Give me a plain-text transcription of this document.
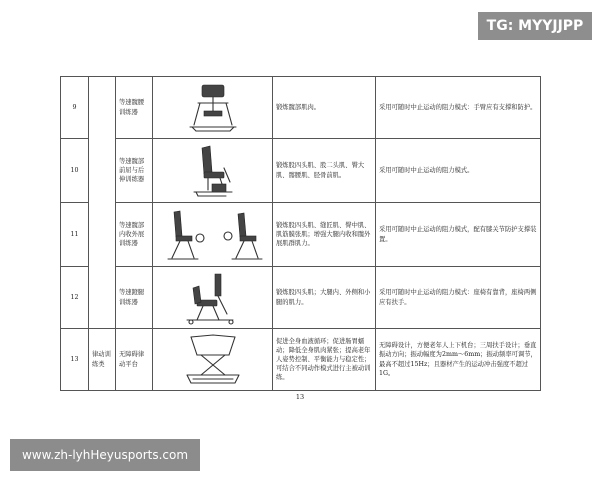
TG: MYYJJPP
9		等速髋腰训练器		锻炼髋部肌肉。	采用可随时中止运动的阻力模式：手臂应有支撑和防护。
10		等速髋部前屈与后伸训练器		锻炼股四头肌、股二头肌、臀大肌、髂腰肌、胫骨前肌。	采用可随时中止运动的阻力模式。
11		等速髋部内收外展训练器		锻炼股四头肌、缝匠肌、臀中肌、肌筋膜张肌；增强大腿内收和髋外展肌群肌力。	采用可随时中止运动的阻力模式，配有膝关节防护支撑装置。
12		等速蹬腿训练器		锻炼股四头肌；大腿内、外侧和小腿的肌力。	采用可随时中止运动的阻力模式：座椅有靠背，座椅两侧应有扶手。
13	律动训练类	无障碍律动平台		促进全身血液循环；促进肠胃蠕动；降低全身肌肉紧张；提高老年人姿势控制、平衡能力与稳定性；可结合不同动作模式进行主被动训练。	无障碍设计，方便老年人上下机台；三周扶手设计；垂直振动方向；振动幅度为2mm～6mm；振动频率可调节，最高不超过15Hz；且器材产生的运动冲击强度不超过1G。
13
www.zh-lyhHeyusports.com
